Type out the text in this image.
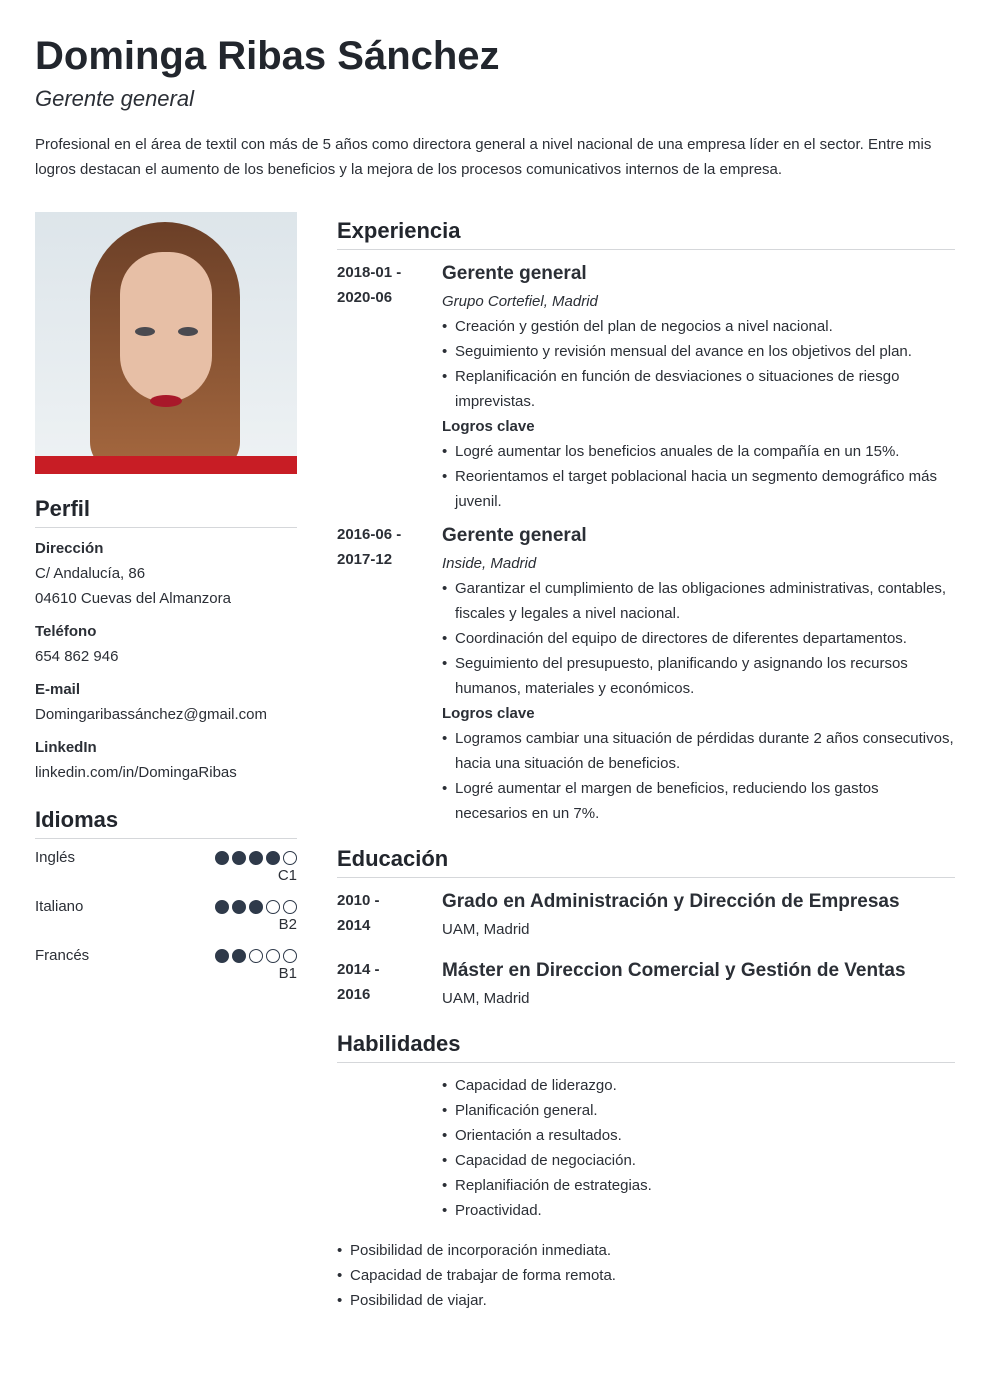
Dominga Ribas Sánchez
Gerente general
Profesional en el área de textil con más de 5 años como directora general a nivel nacional de una empresa líder en el sector. Entre mis logros destacan el aumento de los beneficios y la mejora de los procesos comunicativos internos de la empresa.
Perfil
Dirección
C/ Andalucía, 86
04610 Cuevas del Almanzora
Teléfono
654 862 946
E-mail
Domingaribassánchez@gmail.com
LinkedIn
linkedin.com/in/DomingaRibas
Idiomas
Inglés
C1
Italiano
B2
Francés
B1
Experiencia
2018-01 -
2020-06
Gerente general
Grupo Cortefiel, Madrid
• Creación y gestión del plan de negocios a nivel nacional.
• Seguimiento y revisión mensual del avance en los objetivos del plan.
• Replanificación en función de desviaciones o situaciones de riesgo imprevistas.
Logros clave
• Logré aumentar los beneficios anuales de la compañía en un 15%.
• Reorientamos el target poblacional hacia un segmento demográfico más juvenil.
2016-06 -
2017-12
Gerente general
Inside, Madrid
• Garantizar el cumplimiento de las obligaciones administrativas, contables, fiscales y legales a nivel nacional.
• Coordinación del equipo de directores de diferentes departamentos.
• Seguimiento del presupuesto, planificando y asignando los recursos humanos, materiales y económicos.
Logros clave
• Logramos cambiar una situación de pérdidas durante 2 años consecutivos, hacia una situación de beneficios.
• Logré aumentar el margen de beneficios, reduciendo los gastos necesarios en un 7%.
Educación
2010 -
2014
Grado en Administración y Dirección de Empresas
UAM, Madrid
2014 -
2016
Máster en Direccion Comercial y Gestión de Ventas
UAM, Madrid
Habilidades
• Capacidad de liderazgo.
• Planificación general.
• Orientación a resultados.
• Capacidad de negociación.
• Replanifiación de estrategias.
• Proactividad.
• Posibilidad de incorporación inmediata.
• Capacidad de trabajar de forma remota.
• Posibilidad de viajar.
